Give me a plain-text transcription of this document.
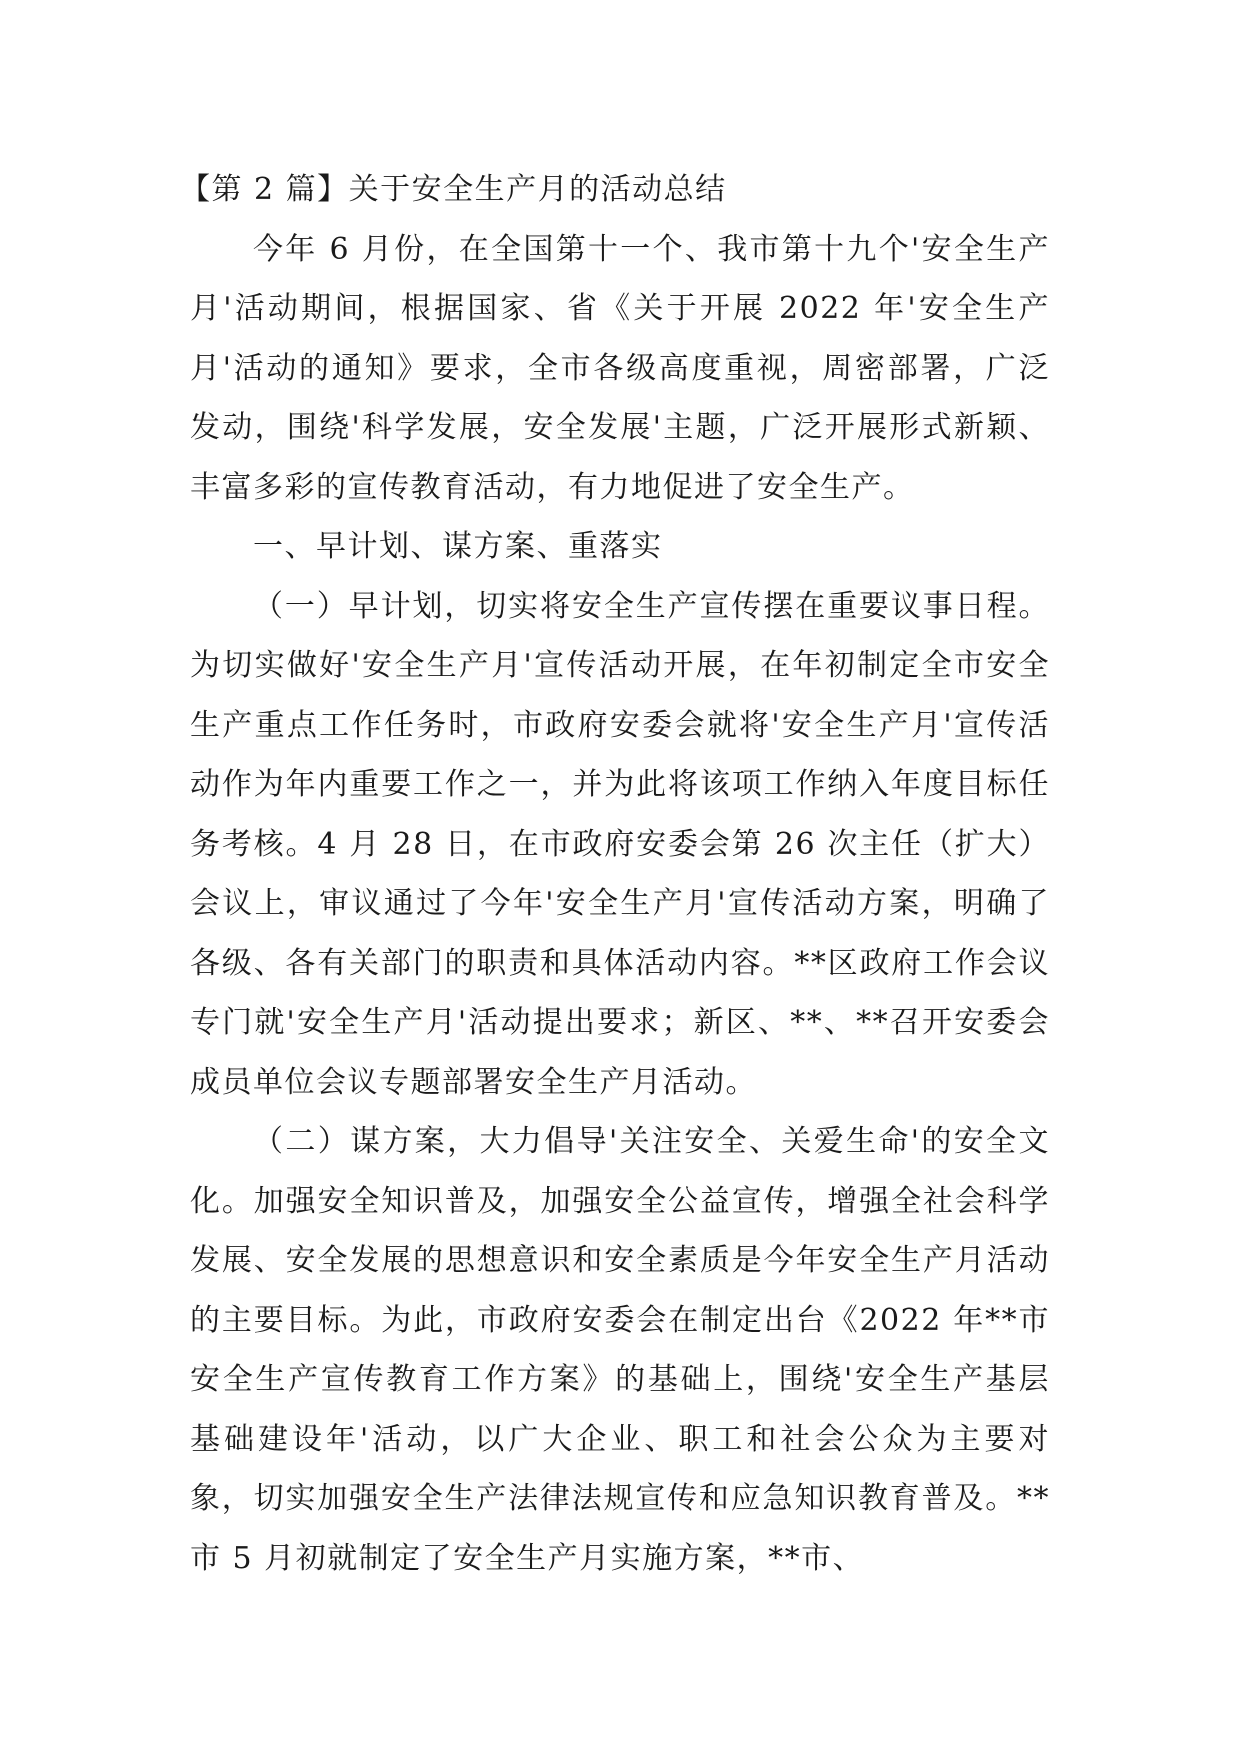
【第 2 篇】关于安全生产月的活动总结

今年 6 月份，在全国第十一个、我市第十九个'安全生产月'活动期间，根据国家、省《关于开展 2022 年'安全生产月'活动的通知》要求，全市各级高度重视，周密部署，广泛发动，围绕'科学发展，安全发展'主题，广泛开展形式新颖、丰富多彩的宣传教育活动，有力地促进了安全生产。

一、早计划、谋方案、重落实

（一）早计划，切实将安全生产宣传摆在重要议事日程。为切实做好'安全生产月'宣传活动开展，在年初制定全市安全生产重点工作任务时，市政府安委会就将'安全生产月'宣传活动作为年内重要工作之一，并为此将该项工作纳入年度目标任务考核。4 月 28 日，在市政府安委会第 26 次主任（扩大）会议上，审议通过了今年'安全生产月'宣传活动方案，明确了各级、各有关部门的职责和具体活动内容。**区政府工作会议专门就'安全生产月'活动提出要求；新区、**、**召开安委会成员单位会议专题部署安全生产月活动。

（二）谋方案，大力倡导'关注安全、关爱生命'的安全文化。加强安全知识普及，加强安全公益宣传，增强全社会科学发展、安全发展的思想意识和安全素质是今年安全生产月活动的主要目标。为此，市政府安委会在制定出台《2022 年**市安全生产宣传教育工作方案》的基础上，围绕'安全生产基层基础建设年'活动，以广大企业、职工和社会公众为主要对象，切实加强安全生产法律法规宣传和应急知识教育普及。**市 5 月初就制定了安全生产月实施方案，**市、
